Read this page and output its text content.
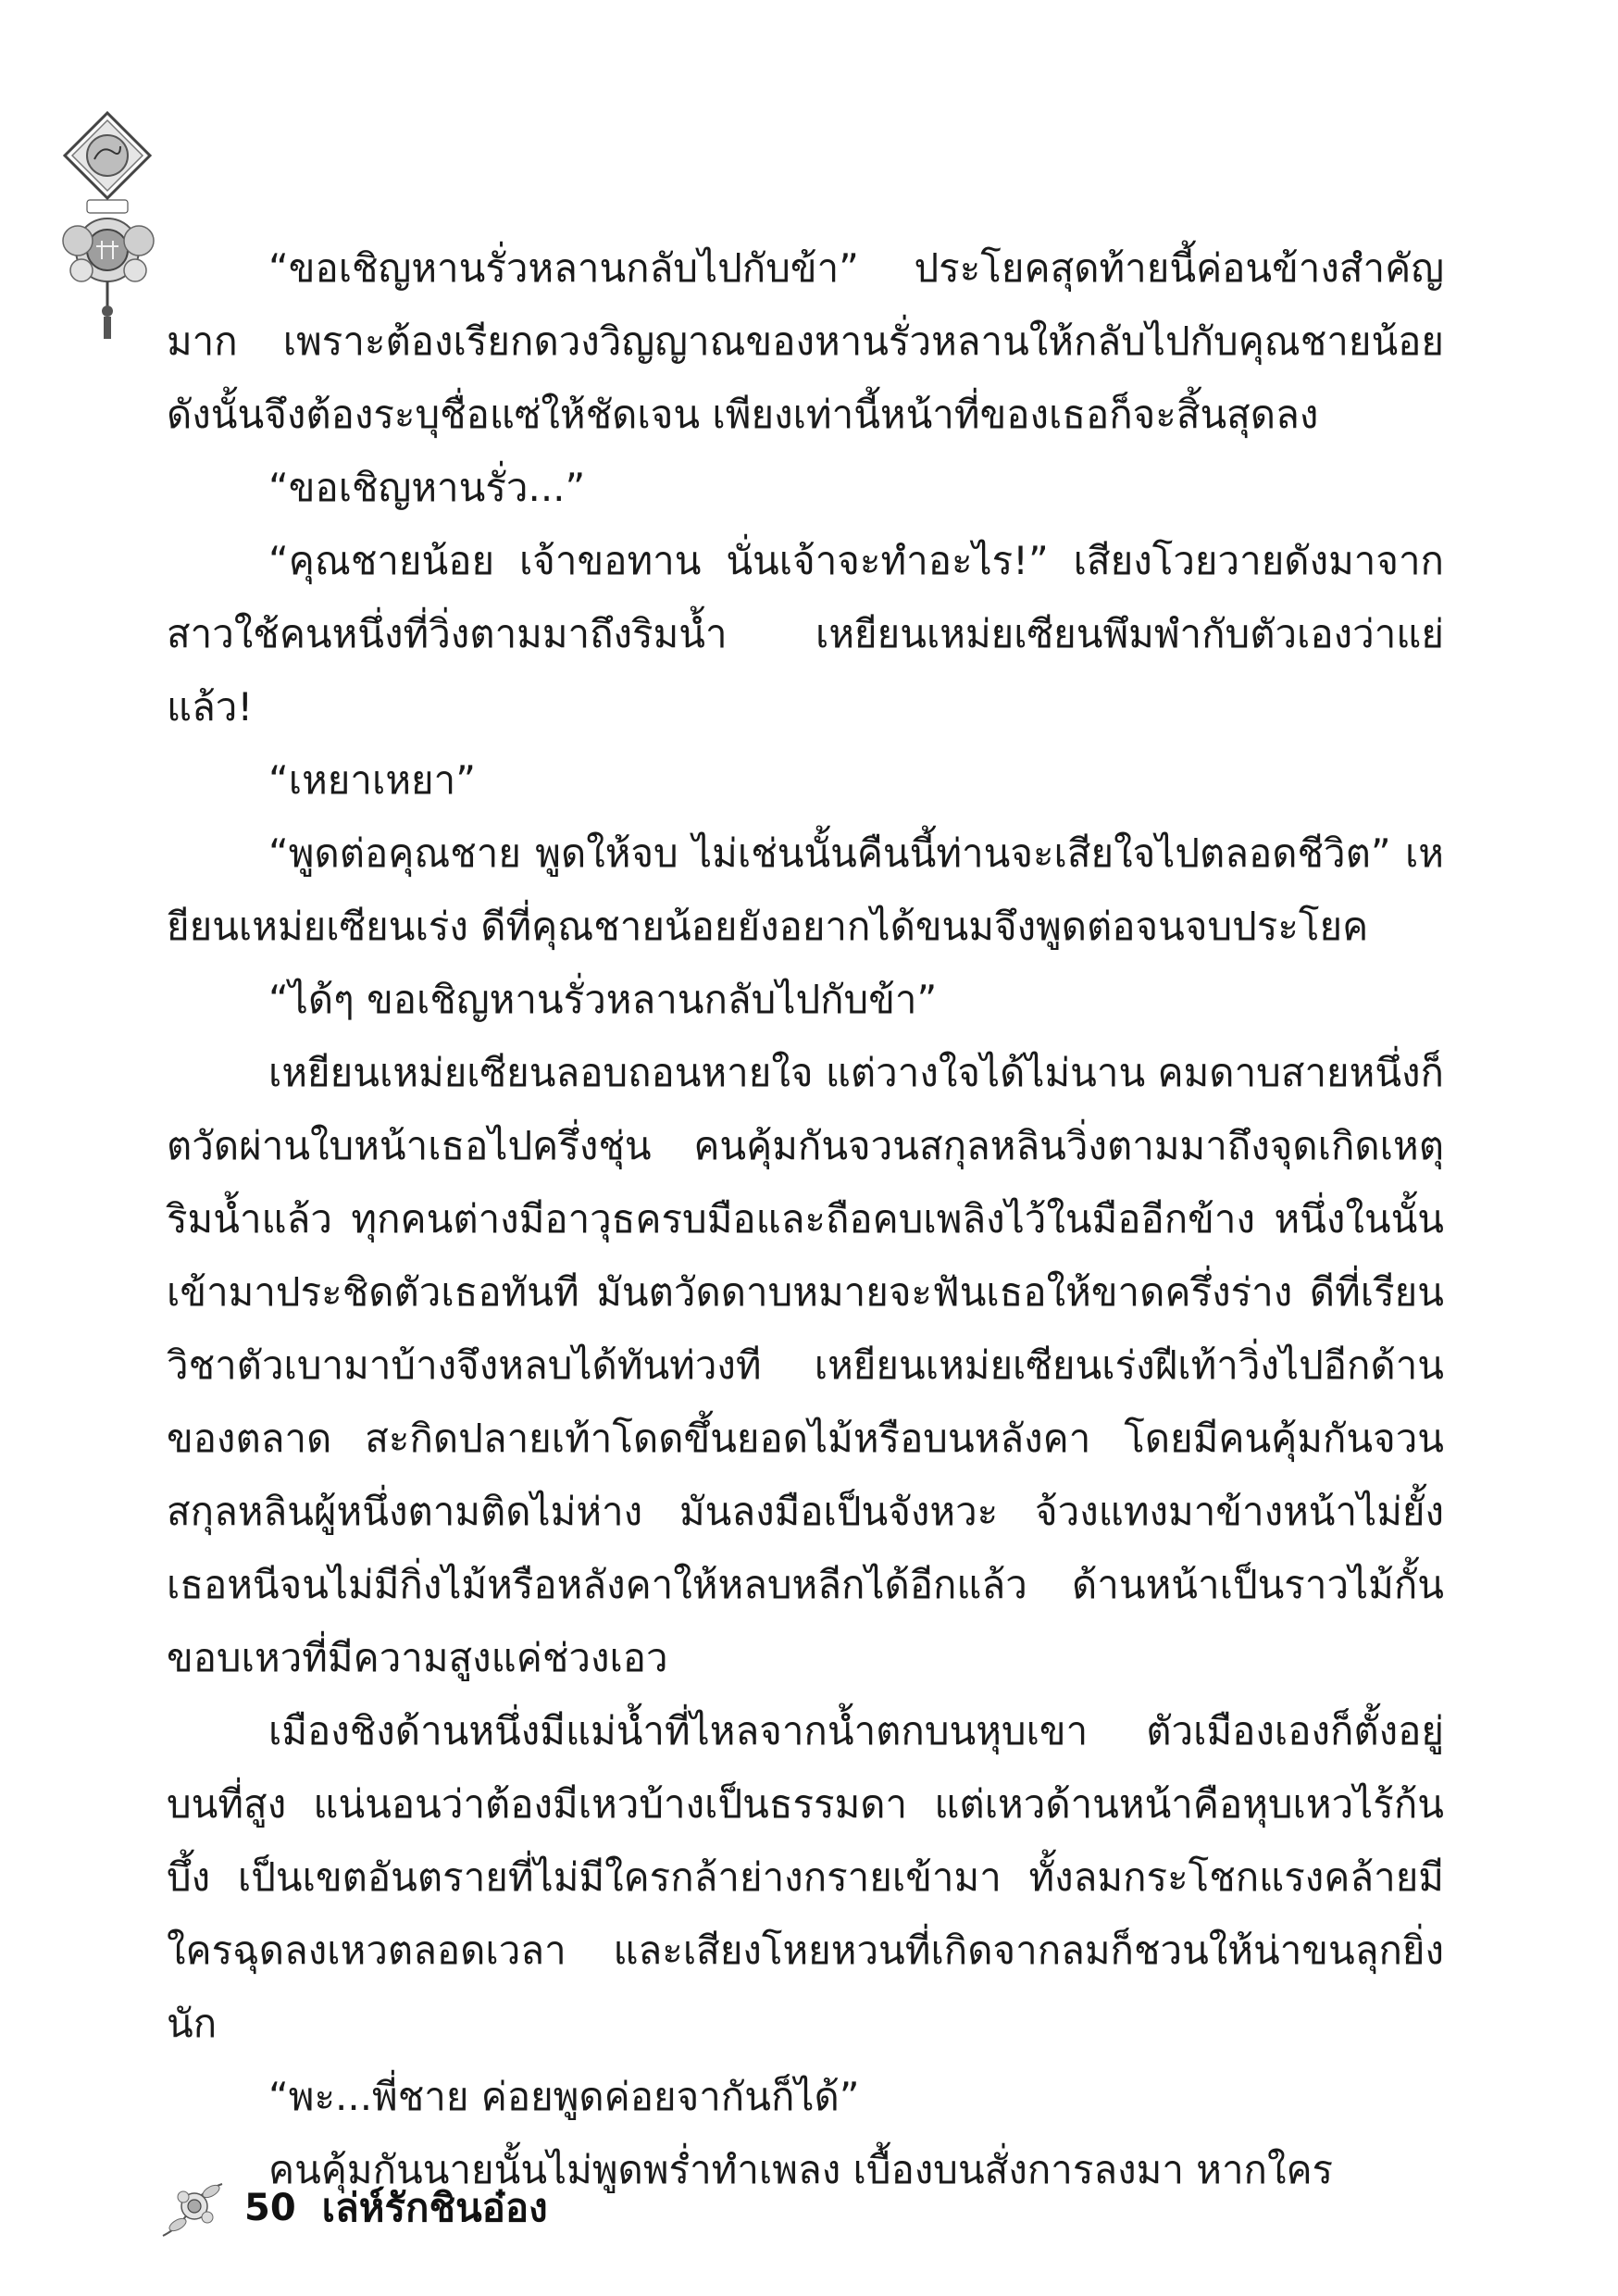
“ขอเชิญหานรั่วหลานกลับไปกับข้า” ประโยคสุดท้ายนี้ค่อนข้างสำคัญมาก เพราะต้องเรียกดวงวิญญาณของหานรั่วหลานให้กลับไปกับคุณชายน้อย ดังนั้นจึงต้องระบุชื่อแซ่ให้ชัดเจน เพียงเท่านี้หน้าที่ของเธอก็จะสิ้นสุดลง

“ขอเชิญหานรั่ว...”

“คุณชายน้อย เจ้าขอทาน นั่นเจ้าจะทำอะไร!” เสียงโวยวายดังมาจากสาวใช้คนหนึ่งที่วิ่งตามมาถึงริมน้ำ เหยียนเหม่ยเซียนพึมพำกับตัวเองว่าแย่แล้ว!

“เหยาเหยา”

“พูดต่อคุณชาย พูดให้จบ ไม่เช่นนั้นคืนนี้ท่านจะเสียใจไปตลอดชีวิต” เหยียนเหม่ยเซียนเร่ง ดีที่คุณชายน้อยยังอยากได้ขนมจึงพูดต่อจนจบประโยค

“ได้ๆ ขอเชิญหานรั่วหลานกลับไปกับข้า”

เหยียนเหม่ยเซียนลอบถอนหายใจ แต่วางใจได้ไม่นาน คมดาบสายหนึ่งก็ตวัดผ่านใบหน้าเธอไปครึ่งชุ่น คนคุ้มกันจวนสกุลหลินวิ่งตามมาถึงจุดเกิดเหตุริมน้ำแล้ว ทุกคนต่างมีอาวุธครบมือและถือคบเพลิงไว้ในมืออีกข้าง หนึ่งในนั้นเข้ามาประชิดตัวเธอทันที มันตวัดดาบหมายจะฟันเธอให้ขาดครึ่งร่าง ดีที่เรียนวิชาตัวเบามาบ้างจึงหลบได้ทันท่วงที เหยียนเหม่ยเซียนเร่งฝีเท้าวิ่งไปอีกด้านของตลาด สะกิดปลายเท้าโดดขึ้นยอดไม้หรือบนหลังคา โดยมีคนคุ้มกันจวนสกุลหลินผู้หนึ่งตามติดไม่ห่าง มันลงมือเป็นจังหวะ จ้วงแทงมาข้างหน้าไม่ยั้ง เธอหนีจนไม่มีกิ่งไม้หรือหลังคาให้หลบหลีกได้อีกแล้ว ด้านหน้าเป็นราวไม้กั้นขอบเหวที่มีความสูงแค่ช่วงเอว

เมืองชิงด้านหนึ่งมีแม่น้ำที่ไหลจากน้ำตกบนหุบเขา ตัวเมืองเองก็ตั้งอยู่บนที่สูง แน่นอนว่าต้องมีเหวบ้างเป็นธรรมดา แต่เหวด้านหน้าคือหุบเหวไร้ก้นบึ้ง เป็นเขตอันตรายที่ไม่มีใครกล้าย่างกรายเข้ามา ทั้งลมกระโชกแรงคล้ายมีใครฉุดลงเหวตลอดเวลา และเสียงโหยหวนที่เกิดจากลมก็ชวนให้น่าขนลุกยิ่งนัก

“พะ...พี่ชาย ค่อยพูดค่อยจากันก็ได้”

คนคุ้มกันนายนั้นไม่พูดพร่ำทำเพลง เบื้องบนสั่งการลงมา หากใคร

50 เล่ห์รักชินอ๋อง
